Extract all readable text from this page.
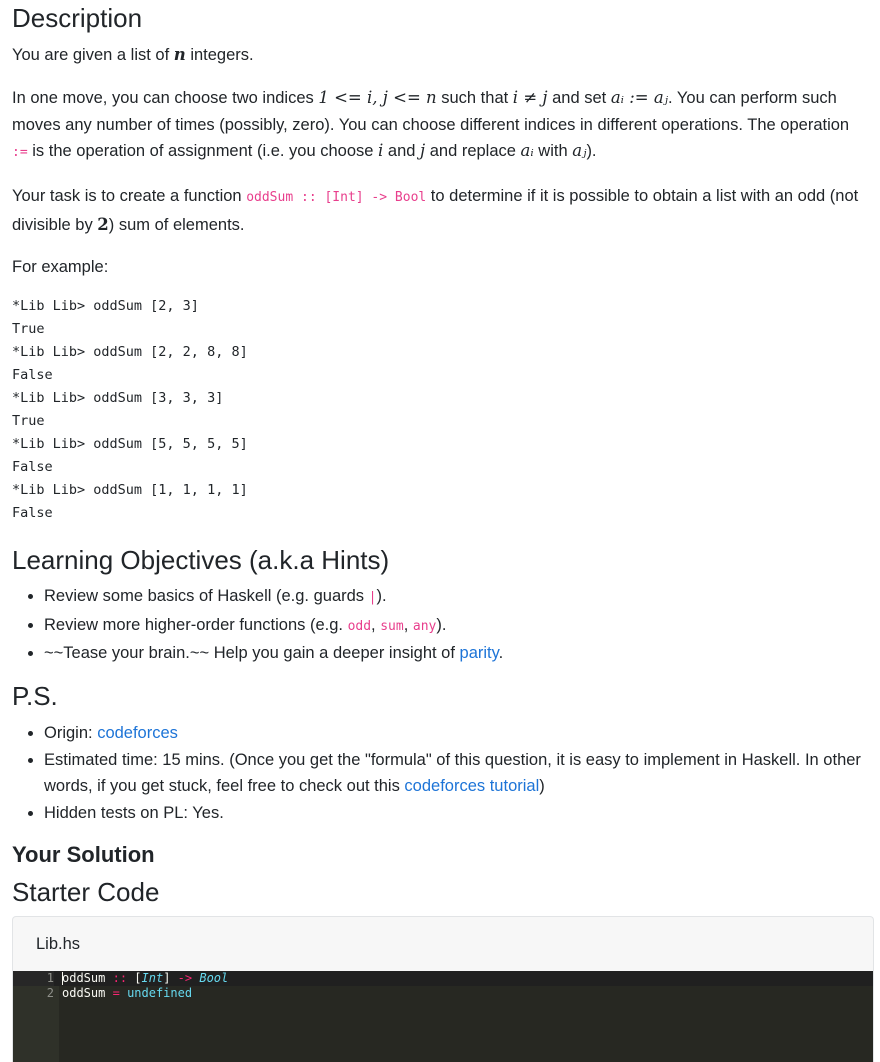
Description

You are given a list of n integers.

In one move, you can choose two indices 1 <= i, j <= n such that i ≠ j and set aᵢ := aⱼ. You can perform such moves any number of times (possibly, zero). You can choose different indices in different operations. The operation := is the operation of assignment (i.e. you choose i and j and replace aᵢ with aⱼ).

Your task is to create a function oddSum :: [Int] -> Bool to determine if it is possible to obtain a list with an odd (not divisible by 2) sum of elements.

For example:

*Lib Lib> oddSum [2, 3]
True
*Lib Lib> oddSum [2, 2, 8, 8]
False
*Lib Lib> oddSum [3, 3, 3]
True
*Lib Lib> oddSum [5, 5, 5, 5]
False
*Lib Lib> oddSum [1, 1, 1, 1]
False
Learning Objectives (a.k.a Hints)
• Review some basics of Haskell (e.g. guards |).
• Review more higher-order functions (e.g. odd, sum, any).
• ~~Tease your brain.~~ Help you gain a deeper insight of parity.
P.S.
• Origin: codeforces
• Estimated time: 15 mins. (Once you get the "formula" of this question, it is easy to implement in Haskell. In other words, if you get stuck, feel free to check out this codeforces tutorial)
• Hidden tests on PL: Yes.
Your Solution
Starter Code
Lib.hs
1 oddSum :: [Int] -> Bool
2 oddSum = undefined
